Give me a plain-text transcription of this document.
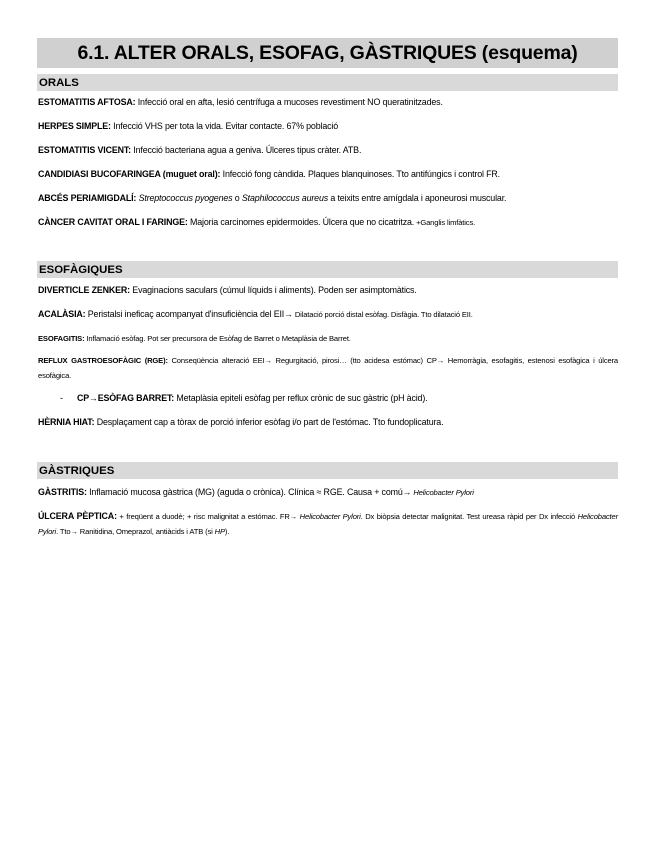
6.1. ALTER ORALS, ESOFAG, GÀSTRIQUES (esquema)
ORALS
ESTOMATITIS AFTOSA: Infecció oral en afta, lesió centrífuga a mucoses revestiment NO queratinitzades.
HERPES SIMPLE: Infecció VHS per tota la vida. Evitar contacte. 67% població
ESTOMATITIS VICENT: Infecció bacteriana agua a geniva. Úlceres tipus cràter. ATB.
CANDIDIASI BUCOFARINGEA (muguet oral): Infecció fong càndida. Plaques blanquinoses. Tto antifúngics i control FR.
ABCÉS PERIAMIGDALÍ: Streptococcus pyogenes o Staphilococcus aureus a teixits entre amígdala i aponeurosi muscular.
CÀNCER CAVITAT ORAL I FARINGE: Majoria carcinomes epidermoides. Úlcera que no cicatritza. +Ganglis limfàtics.
ESOFÀGIQUES
DIVERTICLE ZENKER: Evaginacions saculars (cúmul líquids i aliments). Poden ser asimptomàtics.
ACALÀSIA: Peristalsi ineficaç acompanyat d'insuficiència del EII→ Dilatació porció distal esòfag. Disfàgia. Tto dilatació EII.
ESOFAGITIS: Inflamació esòfag. Pot ser precursora de Esòfag de Barret o Metaplàsia de Barret.
REFLUX GASTROESOFÀGIC (RGE): Conseqüència alteració EEI→ Regurgitació, pirosi… (tto acidesa estómac) CP→ Hemorràgia, esofagitis, estenosi esofàgica i úlcera esofàgica.
- CP→ESÒFAG BARRET: Metaplàsia epiteli esòfag per reflux crònic de suc gàstric (pH àcid).
HÈRNIA HIAT: Desplaçament cap a tòrax de porció inferior esòfag i/o part de l'estómac. Tto fundoplicatura.
GÀSTRIQUES
GÀSTRITIS: Inflamació mucosa gàstrica (MG) (aguda o crònica). Clínica ≈ RGE. Causa + comú→ Helicobacter Pylori
ÚLCERA PÈPTICA: + freqüent a duodè; + risc malignitat a estómac. FR→ Helicobacter Pylori. Dx biòpsia detectar malignitat. Test ureasa ràpid per Dx infecció Helicobacter Pylori. Tto→ Ranitidina, Omeprazol, antiàcids i ATB (si HP).
